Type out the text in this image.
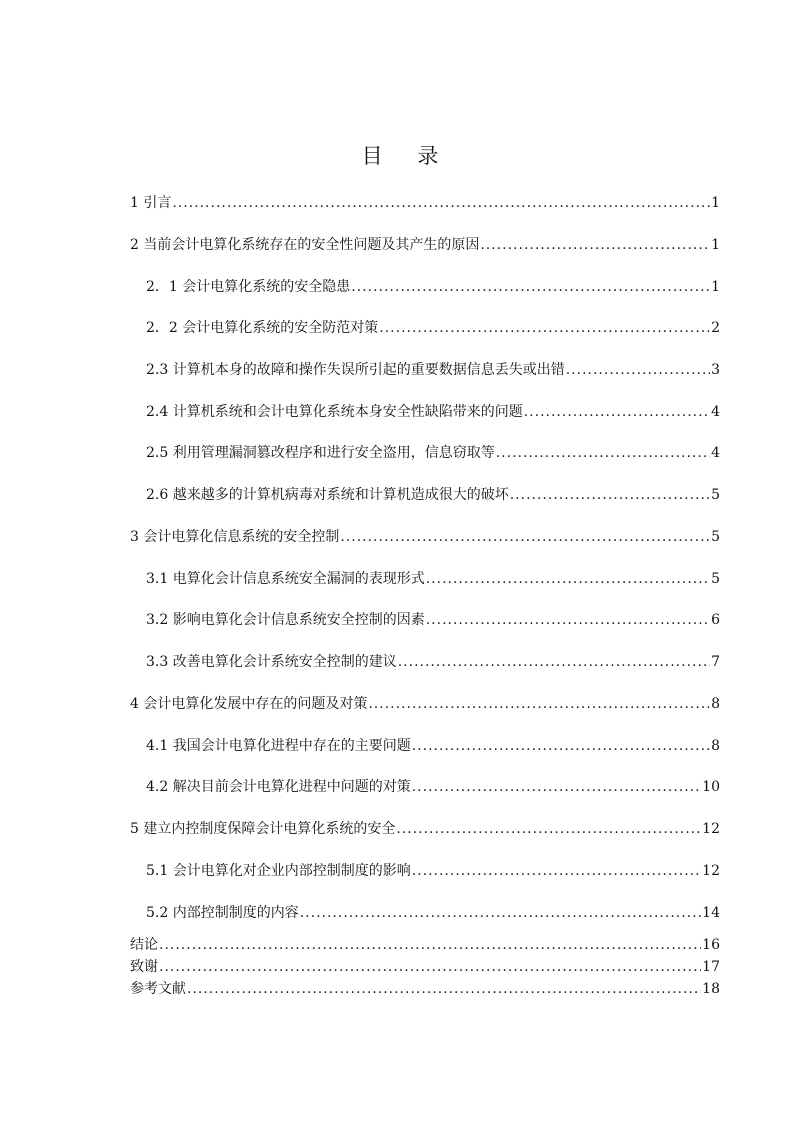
目 录
1 引言 .....	1
2 当前会计电算化系统存在的安全性问题及其产生的原因 .....	1
2．1 会计电算化系统的安全隐患 .....	1
2．2 会计电算化系统的安全防范对策 .....	2
2.3 计算机本身的故障和操作失误所引起的重要数据信息丢失或出错 .....	3
2.4 计算机系统和会计电算化系统本身安全性缺陷带来的问题 .....	4
2.5 利用管理漏洞篡改程序和进行安全盗用，信息窃取等 .....	4
2.6 越来越多的计算机病毒对系统和计算机造成很大的破坏 .....	5
3 会计电算化信息系统的安全控制 .....	5
3.1 电算化会计信息系统安全漏洞的表现形式 .....	5
3.2 影响电算化会计信息系统安全控制的因素 .....	6
3.3 改善电算化会计系统安全控制的建议 .....	7
4 会计电算化发展中存在的问题及对策 .....	8
4.1 我国会计电算化进程中存在的主要问题 .....	8
4.2 解决目前会计电算化进程中问题的对策 .....	10
5 建立内控制度保障会计电算化系统的安全 .....	12
5.1 会计电算化对企业内部控制制度的影响 .....	12
5.2 内部控制制度的内容 .....	14
结论 .....	16
致谢 .....	17
参考文献 .....	18
